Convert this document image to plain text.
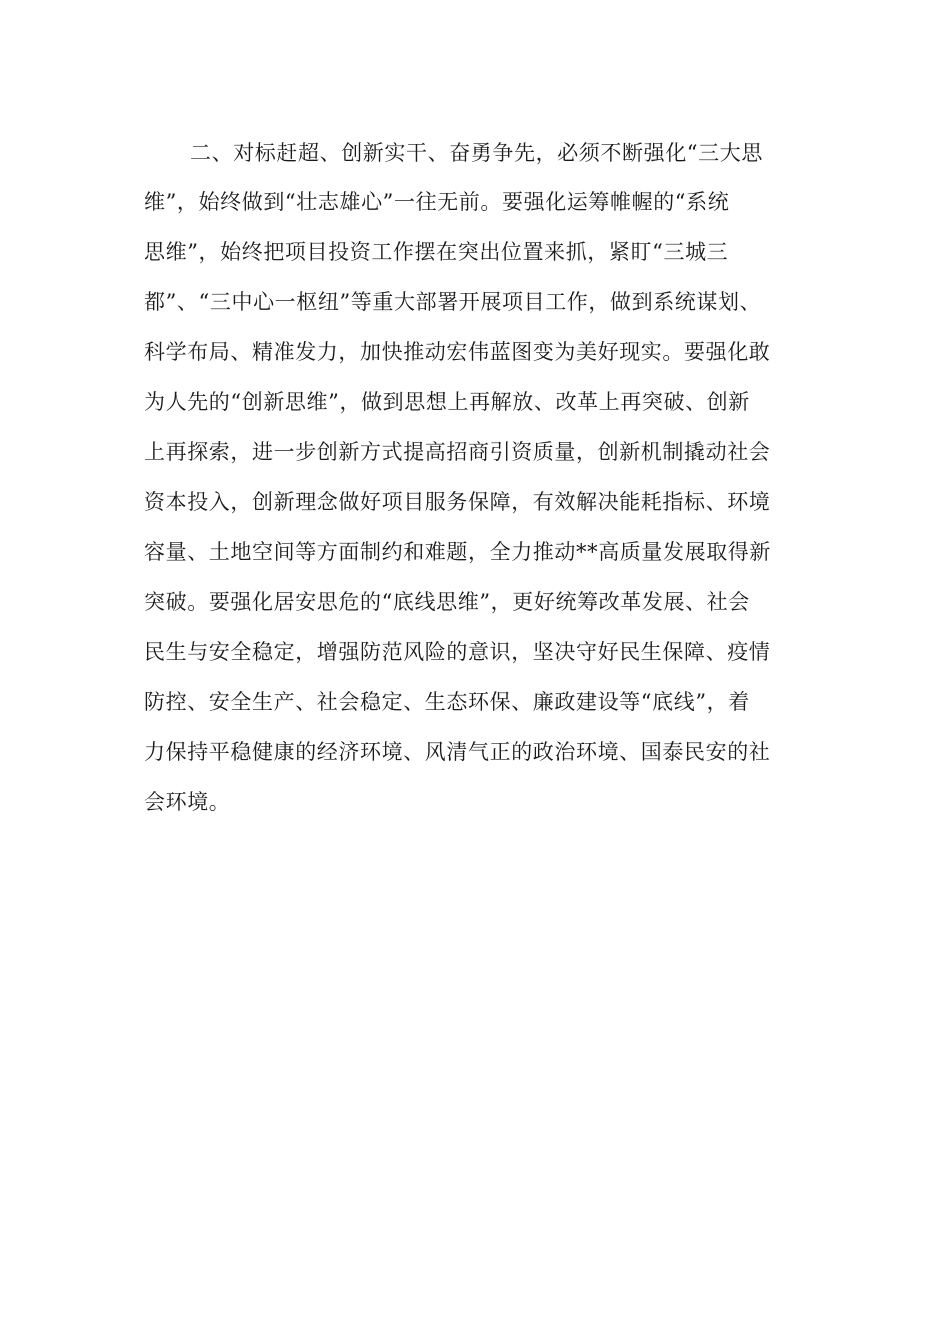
二、对标赶超、创新实干、奋勇争先，必须不断强化“三大思
维”，始终做到“壮志雄心”一往无前。要强化运筹帷幄的“系统
思维”，始终把项目投资工作摆在突出位置来抓，紧盯“三城三
都”、“三中心一枢纽”等重大部署开展项目工作，做到系统谋划、
科学布局、精准发力，加快推动宏伟蓝图变为美好现实。要强化敢
为人先的“创新思维”，做到思想上再解放、改革上再突破、创新
上再探索，进一步创新方式提高招商引资质量，创新机制撬动社会
资本投入，创新理念做好项目服务保障，有效解决能耗指标、环境
容量、土地空间等方面制约和难题，全力推动**高质量发展取得新
突破。要强化居安思危的“底线思维”，更好统筹改革发展、社会
民生与安全稳定，增强防范风险的意识，坚决守好民生保障、疫情
防控、安全生产、社会稳定、生态环保、廉政建设等“底线”，着
力保持平稳健康的经济环境、风清气正的政治环境、国泰民安的社
会环境。
